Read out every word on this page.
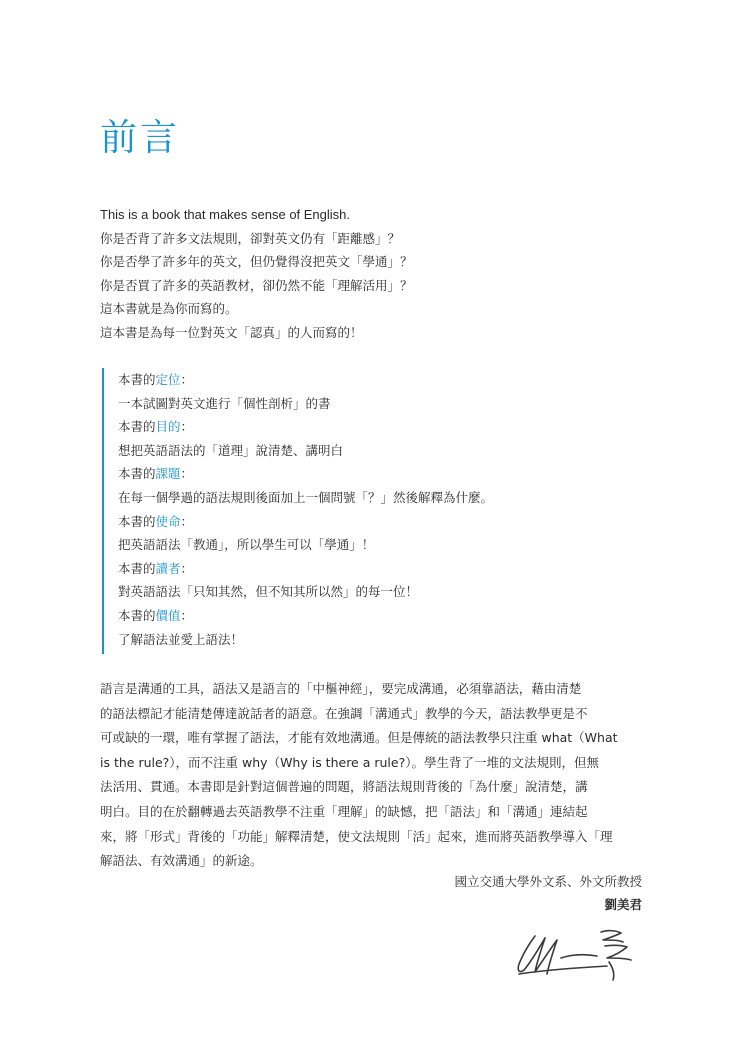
前言
This is a book that makes sense of English.
你是否背了許多文法規則，卻對英文仍有「距離感」？
你是否學了許多年的英文，但仍覺得沒把英文「學通」？
你是否買了許多的英語教材，卻仍然不能「理解活用」？
這本書就是為你而寫的。
這本書是為每一位對英文「認真」的人而寫的！
本書的定位：
一本試圖對英文進行「個性剖析」的書
本書的目的：
想把英語語法的「道理」說清楚、講明白
本書的課題：
在每一個學過的語法規則後面加上一個問號「？」然後解釋為什麼。
本書的使命：
把英語語法「教通」，所以學生可以「學通」！
本書的讀者：
對英語語法「只知其然，但不知其所以然」的每一位！
本書的價值：
了解語法並愛上語法！

語言是溝通的工具，語法又是語言的「中樞神經」，要完成溝通，必須靠語法，藉由清楚
的語法標記才能清楚傳達說話者的語意。在強調「溝通式」教學的今天，語法教學更是不
可或缺的一環，唯有掌握了語法，才能有效地溝通。但是傳統的語法教學只注重 what（What
is the rule?），而不注重 why（Why is there a rule?）。學生背了一堆的文法規則，但無
法活用、貫通。本書即是針對這個普遍的問題，將語法規則背後的「為什麼」說清楚，講
明白。目的在於翻轉過去英語教學不注重「理解」的缺憾，把「語法」和「溝通」連結起
來，將「形式」背後的「功能」解釋清楚，使文法規則「活」起來，進而將英語教學導入「理
解語法、有效溝通」的新途。

國立交通大學外文系、外文所教授
劉美君
